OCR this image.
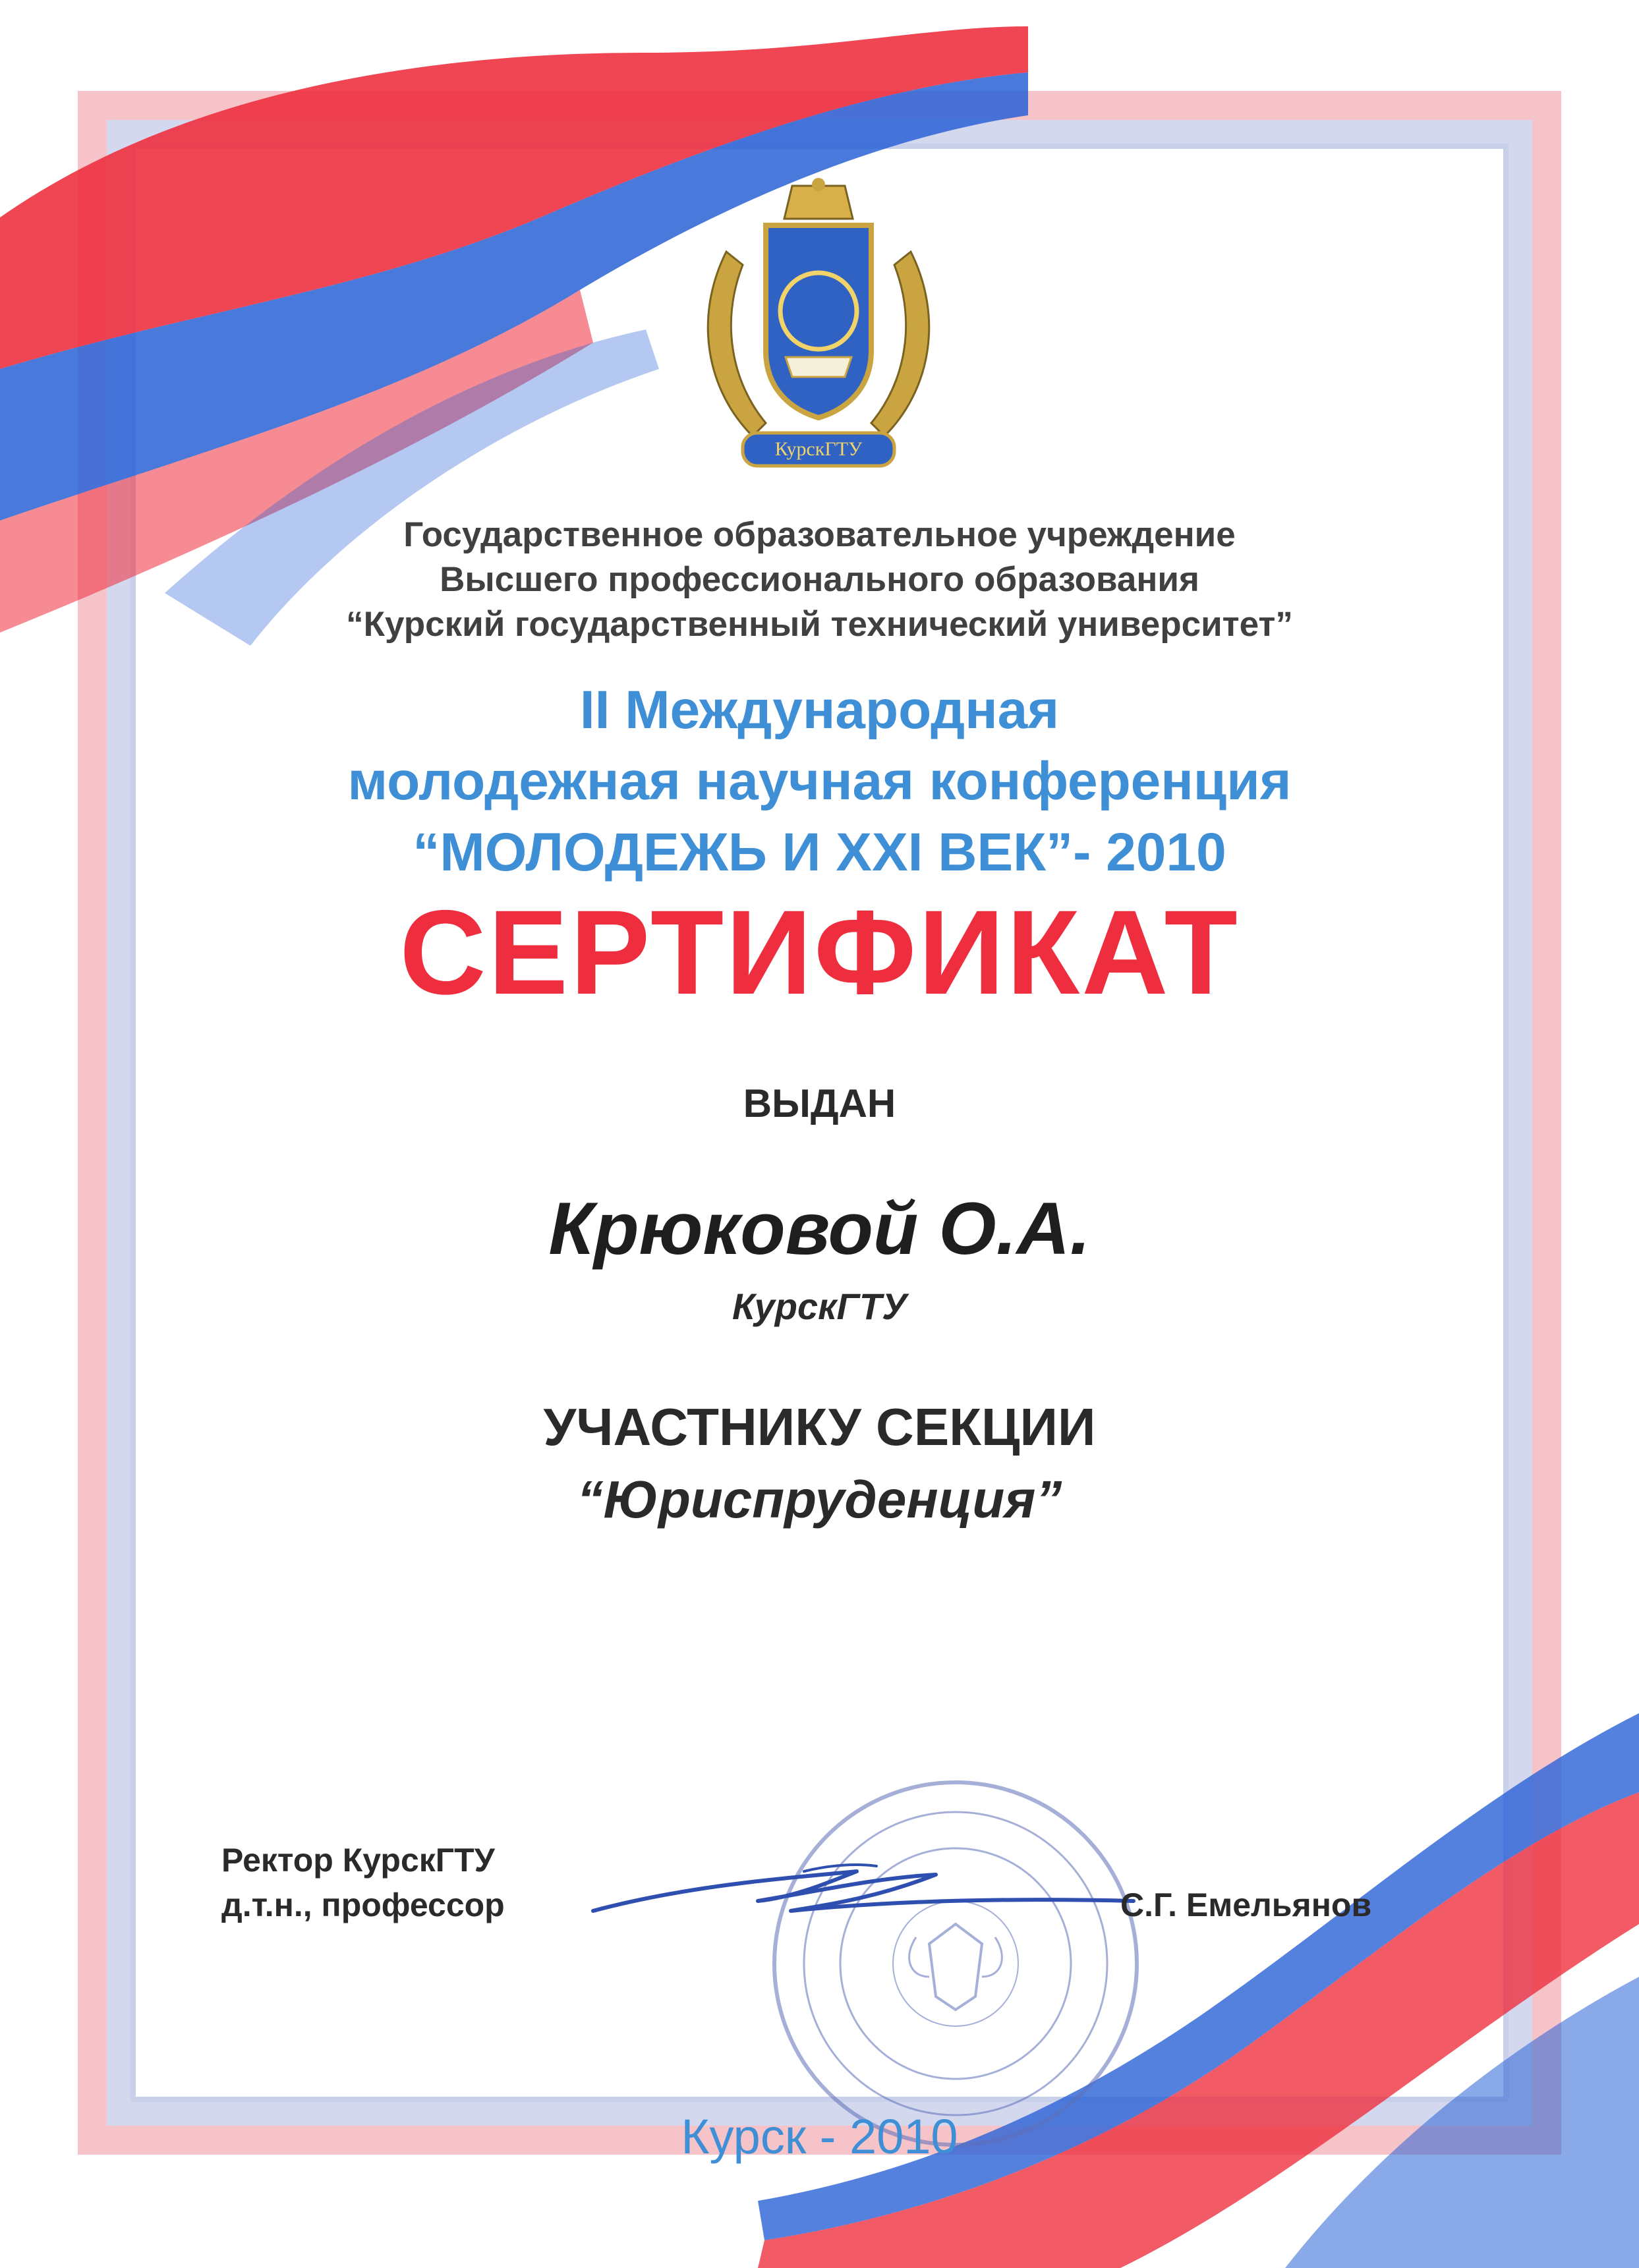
КурскГТУ
Государственное образовательное учреждение
Высшего профессионального образования
“Курский государственный технический университет”
II Международная
молодежная научная конференция
“МОЛОДЕЖЬ И XXI ВЕК”- 2010
СЕРТИФИКАТ
ВЫДАН
Крюковой О.А.
КурскГТУ
УЧАСТНИКУ СЕКЦИИ
“Юриспруденция”
Ректор КурскГТУ
д.т.н., профессор	С.Г. Емельянов
Курск - 2010
